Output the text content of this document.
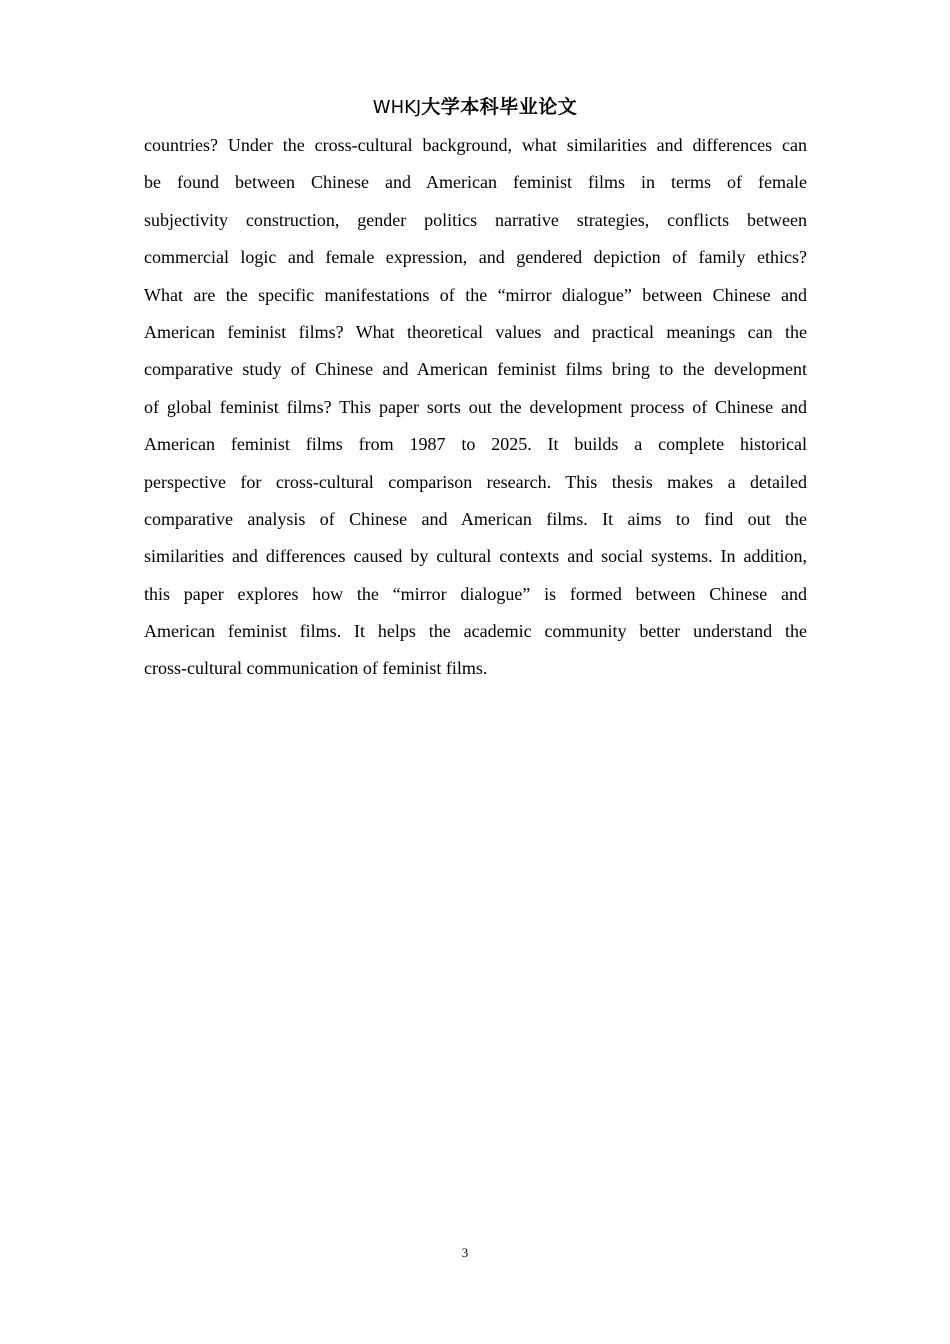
WHKJ大学本科毕业论文
countries? Under the cross-cultural background, what similarities and differences can
be found between Chinese and American feminist films in terms of female
subjectivity construction, gender politics narrative strategies, conflicts between
commercial logic and female expression, and gendered depiction of family ethics?
What are the specific manifestations of the “mirror dialogue” between Chinese and
American feminist films? What theoretical values and practical meanings can the
comparative study of Chinese and American feminist films bring to the development
of global feminist films? This paper sorts out the development process of Chinese and
American feminist films from 1987 to 2025. It builds a complete historical
perspective for cross-cultural comparison research. This thesis makes a detailed
comparative analysis of Chinese and American films. It aims to find out the
similarities and differences caused by cultural contexts and social systems. In addition,
this paper explores how the “mirror dialogue” is formed between Chinese and
American feminist films. It helps the academic community better understand the
cross-cultural communication of feminist films.
3
